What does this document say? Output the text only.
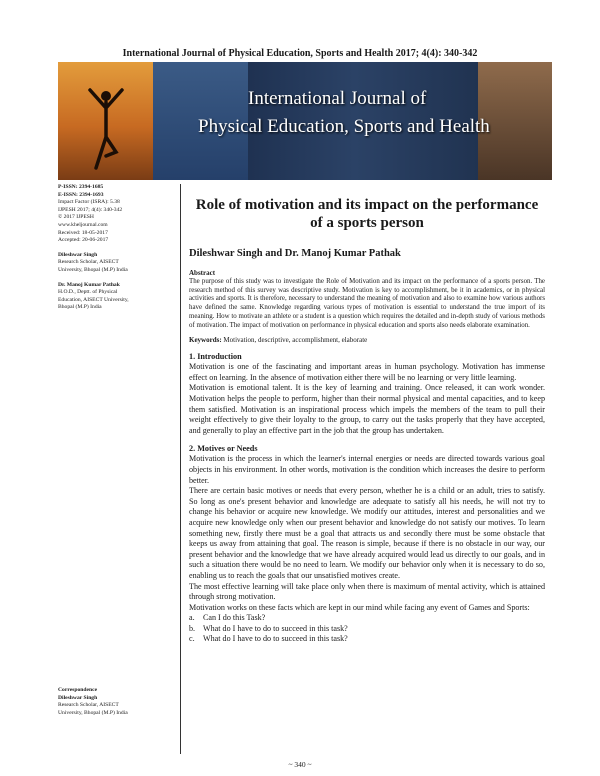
International Journal of Physical Education, Sports and Health 2017; 4(4): 340-342
International Journal of
Physical Education, Sports and Health
P-ISSN: 2394-1685
E-ISSN: 2394-1693
Impact Factor (ISRA): 5.38
IJPESH 2017; 4(4): 340-342
© 2017 IJPESH
www.kheljournal.com
Received: 18-05-2017
Accepted: 20-06-2017
Dileshwar Singh
Research Scholar, AISECT
University, Bhopal (M.P) India
Dr. Manoj Kumar Pathak
H.O.D., Deptt. of Physical
Education, AISECT University,
Bhopal (M.P) India
Correspondence
Dileshwar Singh
Research Scholar, AISECT
University, Bhopal (M.P) India
Role of motivation and its impact on the performance of a sports person
Dileshwar Singh and Dr. Manoj Kumar Pathak
Abstract
The purpose of this study was to investigate the Role of Motivation and its impact on the performance of a sports person. The research method of this survey was descriptive study. Motivation is key to accomplishment, be it in academics, or in physical activities and sports. It is therefore, necessary to understand the meaning of motivation and also to examine how various authors have defined the same. Knowledge regarding various types of motivation is essential to understand the true import of its meaning. How to motivate an athlete or a student is a question which requires the detailed and in-depth study of various methods of motivation. The impact of motivation on performance in physical education and sports also needs elaborate examination.
Keywords: Motivation, descriptive, accomplishment, elaborate
1. Introduction
Motivation is one of the fascinating and important areas in human psychology. Motivation has immense effect on learning. In the absence of motivation either there will be no learning or very little learning.
Motivation is emotional talent. It is the key of learning and training. Once released, it can work wonder. Motivation helps the people to perform, higher than their normal physical and mental capacities, and to keep them satisfied. Motivation is an inspirational process which impels the members of the team to pull their weight effectively to give their loyalty to the group, to carry out the tasks properly that they have accepted, and generally to play an effective part in the job that the group has undertaken.
2. Motives or Needs
Motivation is the process in which the learner's internal energies or needs are directed towards various goal objects in his environment. In other words, motivation is the condition which increases the desire to perform better.
There are certain basic motives or needs that every person, whether he is a child or an adult, tries to satisfy. So long as one's present behavior and knowledge are adequate to satisfy all his needs, he will not try to change his behavior or acquire new knowledge. We modify our attitudes, interest and personalities and we acquire new knowledge only when our present behavior and knowledge do not satisfy our motives. To learn something new, firstly there must be a goal that attracts us and secondly there must be some obstacle that keeps us away from attaining that goal. The reason is simple, because if there is no obstacle in our way, our present behavior and the knowledge that we have already acquired would lead us directly to our goals, and in such a situation there would be no need to learn. We modify our behavior only when it is necessary to do so, enabling us to reach the goals that our unsatisfied motives create.
The most effective learning will take place only when there is maximum of mental activity, which is attained through strong motivation.
Motivation works on these facts which are kept in our mind while facing any event of Games and Sports:
a.	Can I do this Task?
b. What do I have to do to succeed in this task?
c.	What do I have to do to succeed in this task?
~ 340 ~
